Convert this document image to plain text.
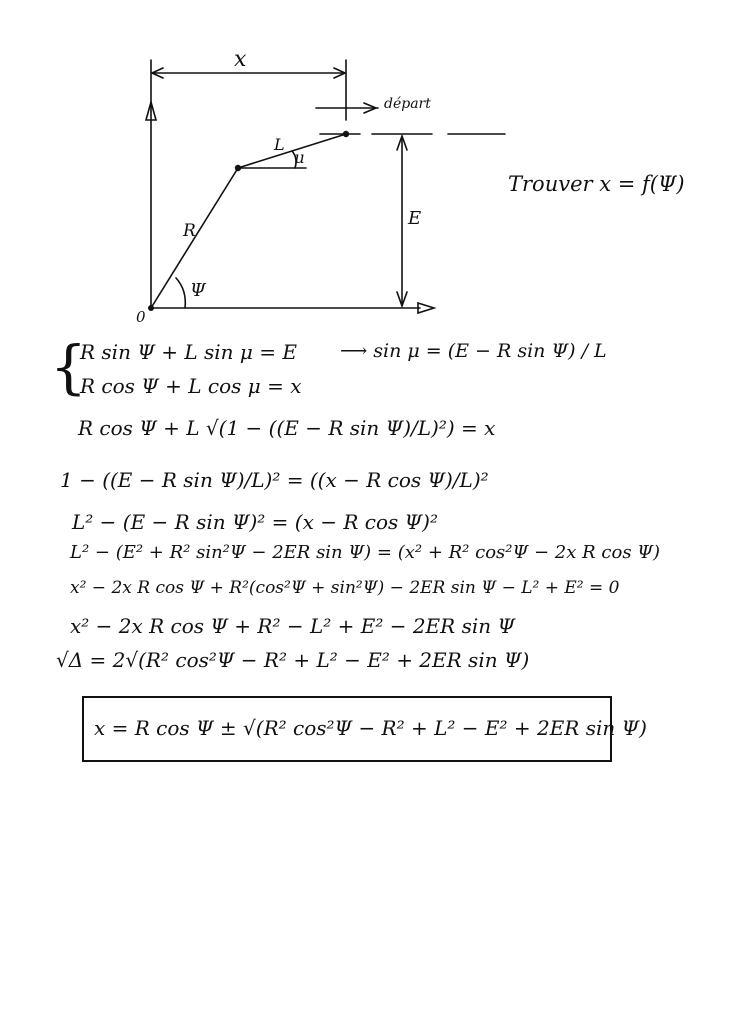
x
départ
L
μ
R
Ψ
E
0
Trouver x = f(Ψ)
{
R sin Ψ + L sin μ = E ⟶ sin μ = (E − R sin Ψ) / L
R cos Ψ + L cos μ = x
R cos Ψ + L √(1 − ((E − R sin Ψ)/L)²) = x
1 − ((E − R sin Ψ)/L)² = ((x − R cos Ψ)/L)²
L² − (E − R sin Ψ)² = (x − R cos Ψ)²
L² − (E² + R² sin²Ψ − 2ER sin Ψ) = (x² + R² cos²Ψ − 2x R cos Ψ)
x² − 2x R cos Ψ + R²(cos²Ψ + sin²Ψ) − 2ER sin Ψ − L² + E² = 0
x² − 2x R cos Ψ + R² − L² + E² − 2ER sin Ψ
√Δ = 2√(R² cos²Ψ − R² + L² − E² + 2ER sin Ψ)
x = R cos Ψ ± √(R² cos²Ψ − R² + L² − E² + 2ER sin Ψ)
